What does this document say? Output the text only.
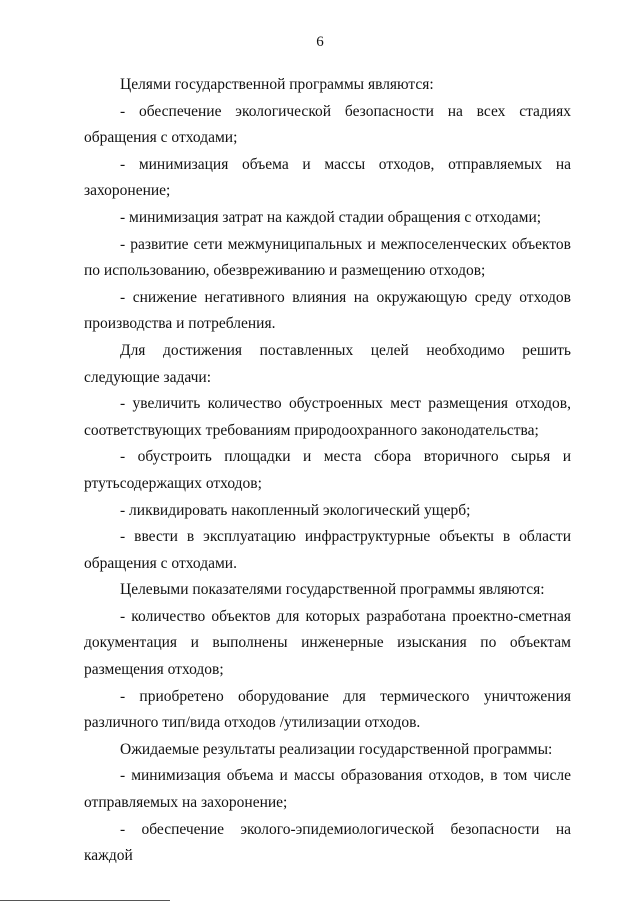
6

Целями государственной программы являются:

- обеспечение экологической безопасности на всех стадиях обращения с отходами;

- минимизация объема и массы отходов, отправляемых на захоронение;

- минимизация затрат на каждой стадии обращения с отходами;

- развитие сети межмуниципальных и межпоселенческих объектов по использованию, обезвреживанию и размещению отходов;

- снижение негативного влияния на окружающую среду отходов производства и потребления.

Для достижения поставленных целей необходимо решить следующие задачи:

- увеличить количество обустроенных мест размещения отходов, соответствующих требованиям природоохранного законодательства;

- обустроить площадки и места сбора вторичного сырья и ртутьсодержащих отходов;

- ликвидировать накопленный экологический ущерб;

- ввести в эксплуатацию инфраструктурные объекты в области обращения с отходами.

Целевыми показателями государственной программы являются:

- количество объектов для которых разработана проектно-сметная документация и выполнены инженерные изыскания по объектам размещения отходов;

- приобретено оборудование для термического уничтожения различного тип/вида отходов /утилизации отходов.

Ожидаемые результаты реализации государственной программы:

- минимизация объема и массы образования отходов, в том числе отправляемых на захоронение;

- обеспечение эколого-эпидемиологической безопасности на каждой
